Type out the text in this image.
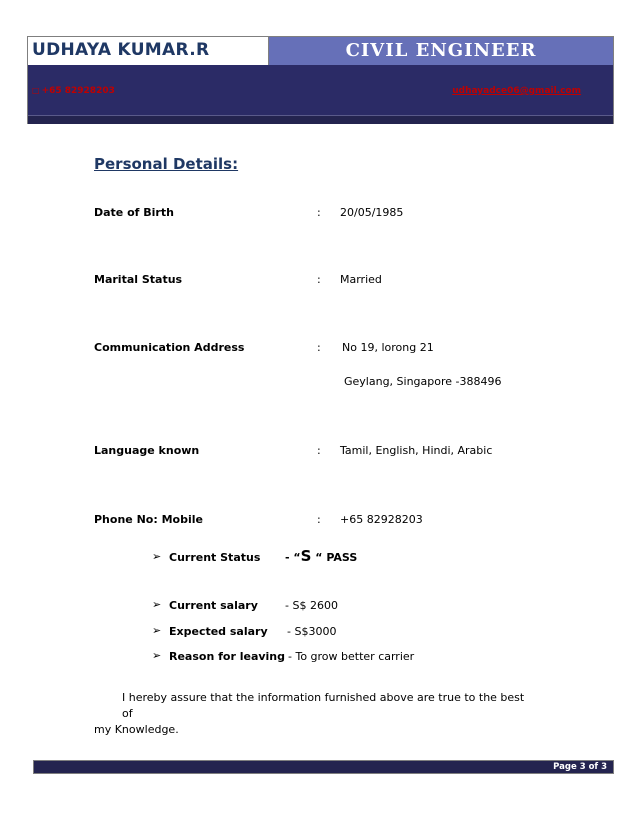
UDHAYA KUMAR.R	CIVIL ENGINEER
□ +65 82928203	udhayadce06@gmail.com
Personal Details:
Date of Birth	: 20/05/1985
Marital Status	: Married
Communication Address	: No 19, lorong 21
Geylang, Singapore -388496
Language known	: Tamil, English, Hindi, Arabic
Phone No: Mobile	: +65 82928203
➢ Current Status - “S “ PASS
➢ Current salary - S$ 2600
➢ Expected salary - S$3000
➢ Reason for leaving - To grow better carrier
I hereby assure that the information furnished above are true to the best of
my Knowledge.
Page 3 of 3
